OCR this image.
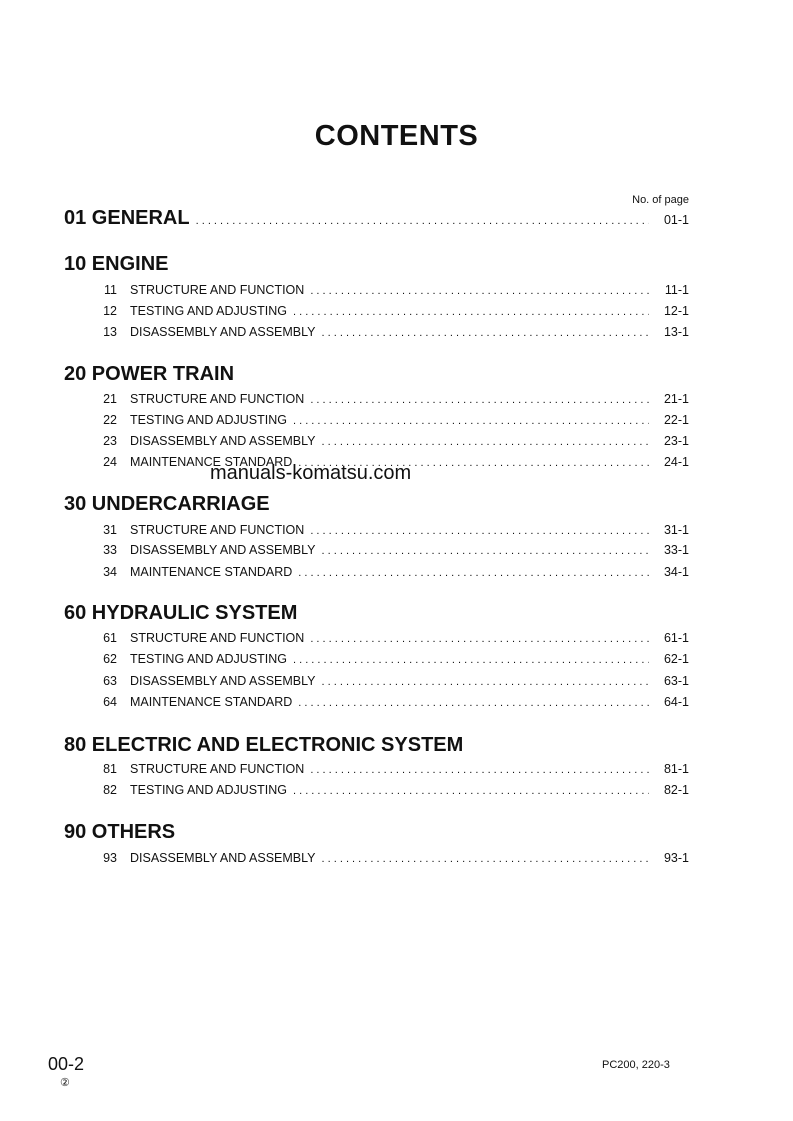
CONTENTS
No. of page
01 GENERAL . . .	01-1
10 ENGINE
11	STRUCTURE AND FUNCTION . . .	11-1
12	TESTING AND ADJUSTING . . .	12-1
13	DISASSEMBLY AND ASSEMBLY . . .	13-1
20 POWER TRAIN
21	STRUCTURE AND FUNCTION . . .	21-1
22	TESTING AND ADJUSTING . . .	22-1
23	DISASSEMBLY AND ASSEMBLY . . .	23-1
24	MAINTENANCE STANDARD . . .	24-1
30 UNDERCARRIAGE
31	STRUCTURE AND FUNCTION . . .	31-1
33	DISASSEMBLY AND ASSEMBLY . . .	33-1
34	MAINTENANCE STANDARD . . .	34-1
60 HYDRAULIC SYSTEM
61	STRUCTURE AND FUNCTION . . .	61-1
62	TESTING AND ADJUSTING . . .	62-1
63	DISASSEMBLY AND ASSEMBLY . . .	63-1
64	MAINTENANCE STANDARD . . .	64-1
80 ELECTRIC AND ELECTRONIC SYSTEM
81	STRUCTURE AND FUNCTION . . .	81-1
82	TESTING AND ADJUSTING . . .	82-1
90 OTHERS
93	DISASSEMBLY AND ASSEMBLY . . .	93-1
manuals-komatsu.com
00-2
②
PC200, 220-3
